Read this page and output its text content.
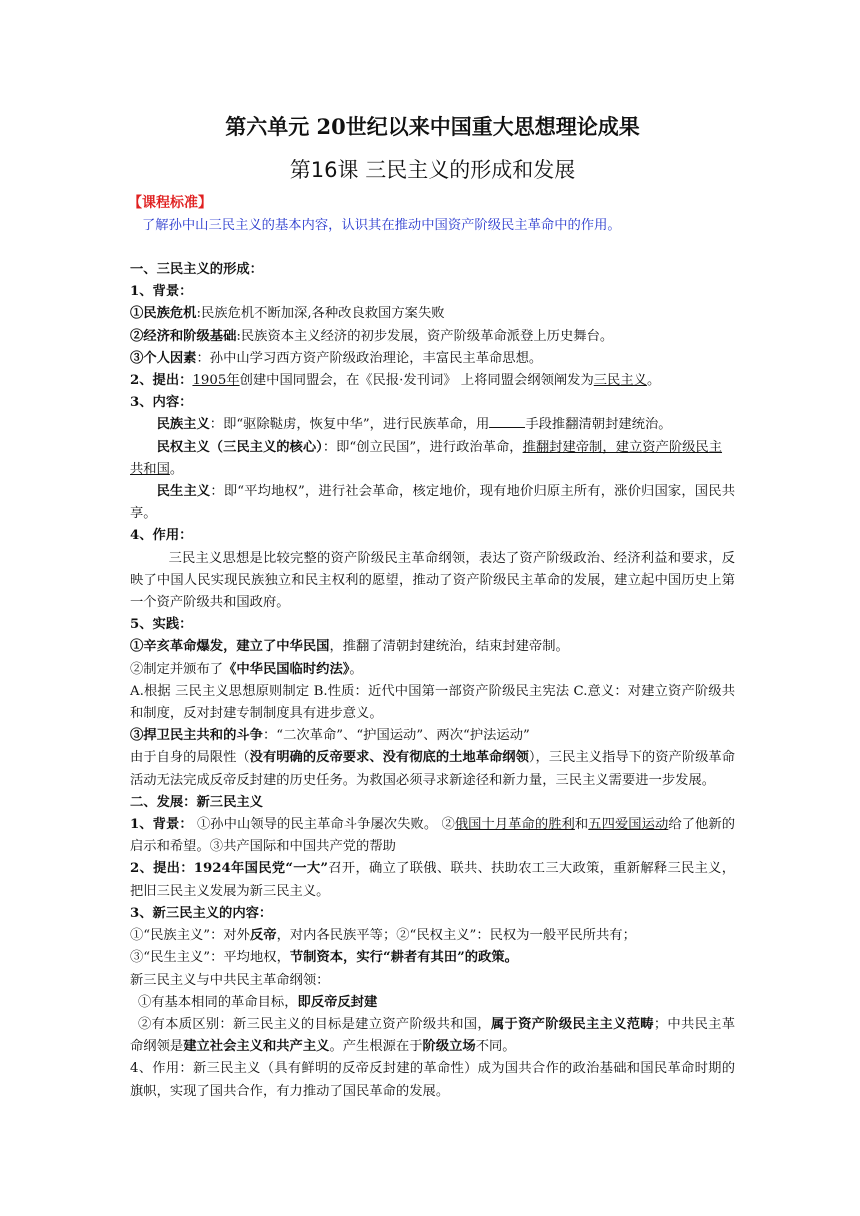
第六单元 20世纪以来中国重大思想理论成果
第16课 三民主义的形成和发展
【课程标准】
了解孙中山三民主义的基本内容，认识其在推动中国资产阶级民主革命中的作用。

一、三民主义的形成：

1、背景：

①民族危机:民族危机不断加深,各种改良救国方案失败

②经济和阶级基础:民族资本主义经济的初步发展，资产阶级革命派登上历史舞台。

③个人因素：孙中山学习西方资产阶级政治理论，丰富民主革命思想。

2、提出：1905年创建中国同盟会，在《民报·发刊词》 上将同盟会纲领阐发为三民主义。

3、内容：

民族主义：即“驱除鞑虏，恢复中华”，进行民族革命，用	手段推翻清朝封建统治。

民权主义（三民主义的核心）：即“创立民国”，进行政治革命，推翻封建帝制，建立资产阶级民主共和国。

民生主义：即“平均地权”，进行社会革命，核定地价，现有地价归原主所有，涨价归国家，国民共享。

4、作用：

三民主义思想是比较完整的资产阶级民主革命纲领，表达了资产阶级政治、经济利益和要求，反映了中国人民实现民族独立和民主权利的愿望，推动了资产阶级民主革命的发展，建立起中国历史上第一个资产阶级共和国政府。

5、实践：

①辛亥革命爆发，建立了中华民国，推翻了清朝封建统治，结束封建帝制。

②制定并颁布了《中华民国临时约法》。

A.根据 三民主义思想原则制定 B.性质：近代中国第一部资产阶级民主宪法 C.意义：对建立资产阶级共和制度，反对封建专制制度具有进步意义。

③捍卫民主共和的斗争：“二次革命”、“护国运动”、两次“护法运动”

由于自身的局限性（没有明确的反帝要求、没有彻底的土地革命纲领），三民主义指导下的资产阶级革命活动无法完成反帝反封建的历史任务。为救国必须寻求新途径和新力量，三民主义需要进一步发展。

二、发展：新三民主义

1、背景： ①孙中山领导的民主革命斗争屡次失败。 ②俄国十月革命的胜利和五四爱国运动给了他新的启示和希望。③共产国际和中国共产党的帮助

2、提出：1924年国民党“一大”召开，确立了联俄、联共、扶助农工三大政策，重新解释三民主义，把旧三民主义发展为新三民主义。

3、新三民主义的内容：

①“民族主义”：对外反帝，对内各民族平等；②“民权主义”：民权为一般平民所共有；

③“民生主义”：平均地权，节制资本，实行“耕者有其田”的政策。

新三民主义与中共民主革命纲领：

①有基本相同的革命目标，即反帝反封建

②有本质区别：新三民主义的目标是建立资产阶级共和国，属于资产阶级民主主义范畴；中共民主革命纲领是建立社会主义和共产主义。产生根源在于阶级立场不同。

4、作用：新三民主义（具有鲜明的反帝反封建的革命性）成为国共合作的政治基础和国民革命时期的旗帜，实现了国共合作，有力推动了国民革命的发展。
